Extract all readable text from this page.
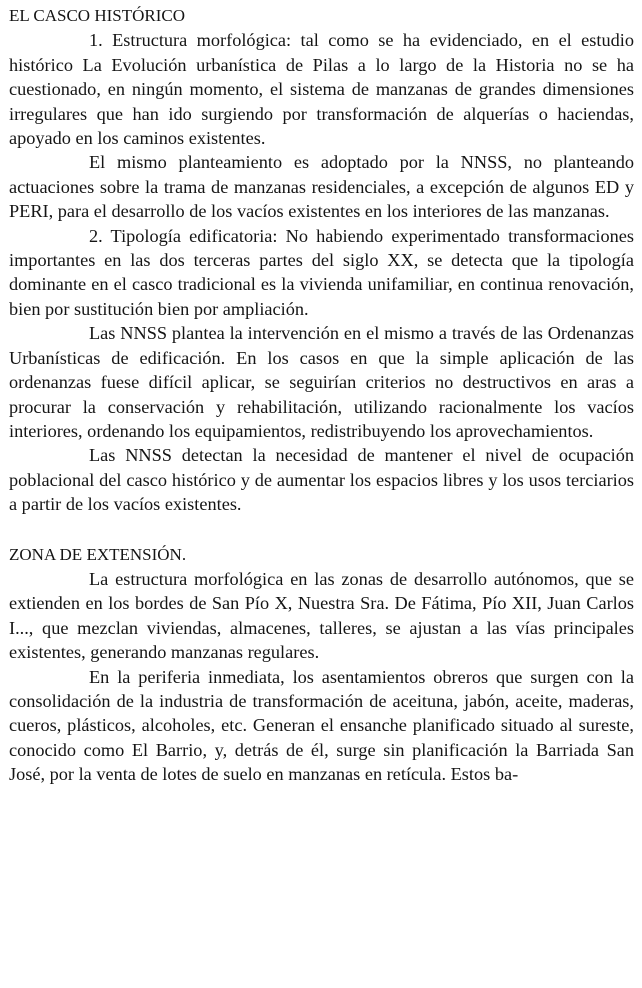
EL CASCO HISTÓRICO

1. Estructura morfológica: tal como se ha evidenciado, en el estudio histórico La Evolución urbanística de Pilas a lo largo de la Historia no se ha cuestionado, en ningún momento, el sistema de manzanas de grandes dimensiones irregulares que han ido surgiendo por transformación de alquerías o haciendas, apoyado en los caminos existentes.

El mismo planteamiento es adoptado por la NNSS, no planteando actuaciones sobre la trama de manzanas residenciales, a excepción de algunos ED y PERI, para el desarrollo de los vacíos existentes en los interiores de las manzanas.

2. Tipología edificatoria: No habiendo experimentado transformaciones importantes en las dos terceras partes del siglo XX, se detecta que la tipología dominante en el casco tradicional es la vivienda unifamiliar, en continua renovación, bien por sustitución bien por ampliación.

Las NNSS plantea la intervención en el mismo a través de las Ordenanzas Urbanísticas de edificación. En los casos en que la simple aplicación de las ordenanzas fuese difícil aplicar, se seguirían criterios no destructivos en aras a procurar la conservación y rehabilitación, utilizando racionalmente los vacíos interiores, ordenando los equipamientos, redistribuyendo los aprovechamientos.

Las NNSS detectan la necesidad de mantener el nivel de ocupación poblacional del casco histórico y de aumentar los espacios libres y los usos terciarios a partir de los vacíos existentes.

ZONA DE EXTENSIÓN.

La estructura morfológica en las zonas de desarrollo autónomos, que se extienden en los bordes de San Pío X, Nuestra Sra. De Fátima, Pío XII, Juan Carlos I..., que mezclan viviendas, almacenes, talleres, se ajustan a las vías principales existentes, generando manzanas regulares.

En la periferia inmediata, los asentamientos obreros que surgen con la consolidación de la industria de transformación de aceituna, jabón, aceite, maderas, cueros, plásticos, alcoholes, etc. Generan el ensanche planificado situado al sureste, conocido como El Barrio, y, detrás de él, surge sin planificación la Barriada San José, por la venta de lotes de suelo en manzanas en retícula. Estos ba-
